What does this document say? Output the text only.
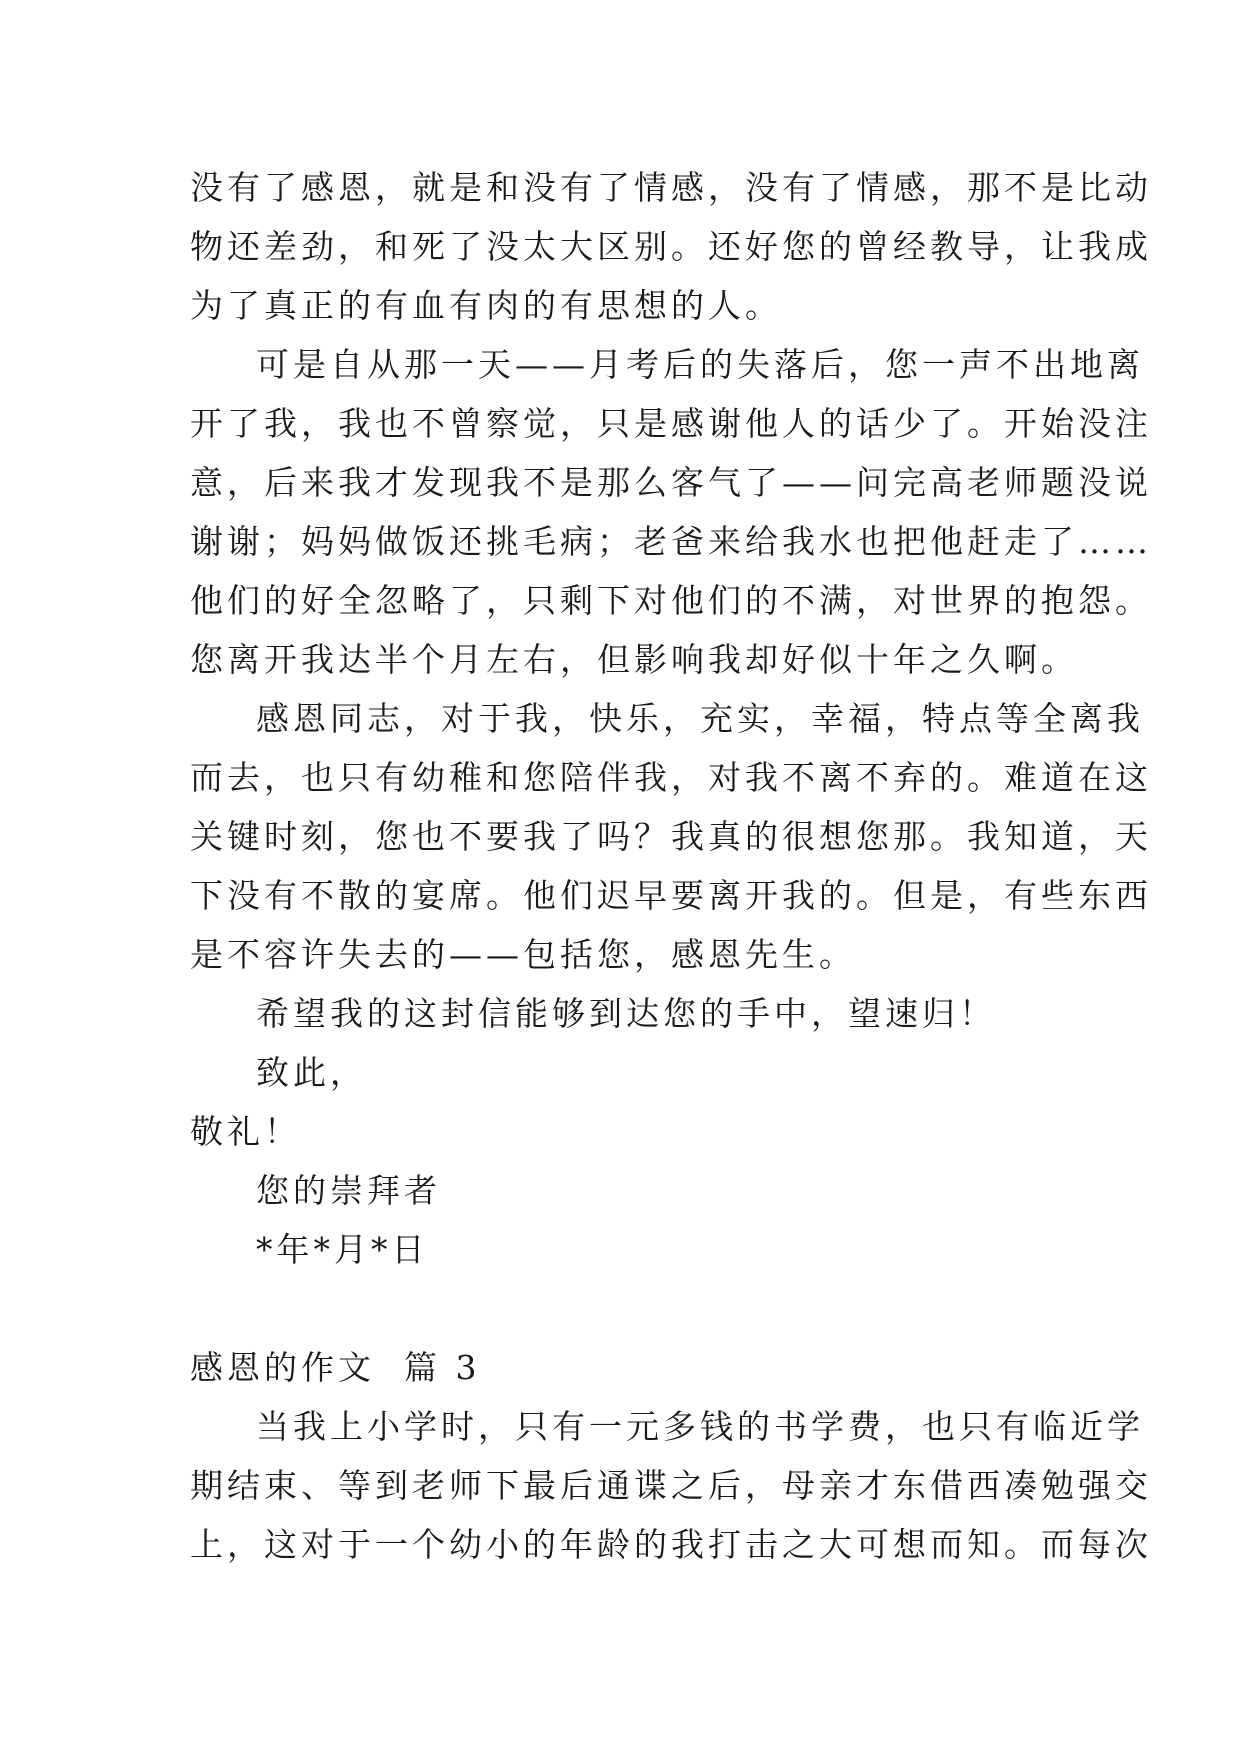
没有了感恩，就是和没有了情感，没有了情感，那不是比动
物还差劲，和死了没太大区别。还好您的曾经教导，让我成
为了真正的有血有肉的有思想的人。
可是自从那一天——月考后的失落后，您一声不出地离
开了我，我也不曾察觉，只是感谢他人的话少了。开始没注
意，后来我才发现我不是那么客气了——问完高老师题没说
谢谢；妈妈做饭还挑毛病；老爸来给我水也把他赶走了……
他们的好全忽略了，只剩下对他们的不满，对世界的抱怨。
您离开我达半个月左右，但影响我却好似十年之久啊。
感恩同志，对于我，快乐，充实，幸福，特点等全离我
而去，也只有幼稚和您陪伴我，对我不离不弃的。难道在这
关键时刻，您也不要我了吗？我真的很想您那。我知道，天
下没有不散的宴席。他们迟早要离开我的。但是，有些东西
是不容许失去的——包括您，感恩先生。
希望我的这封信能够到达您的手中，望速归！
致此，
敬礼！
您的崇拜者
*年*月*日
感恩的作文  篇 3
当我上小学时，只有一元多钱的书学费，也只有临近学
期结束、等到老师下最后通谍之后，母亲才东借西凑勉强交
上，这对于一个幼小的年龄的我打击之大可想而知。而每次
